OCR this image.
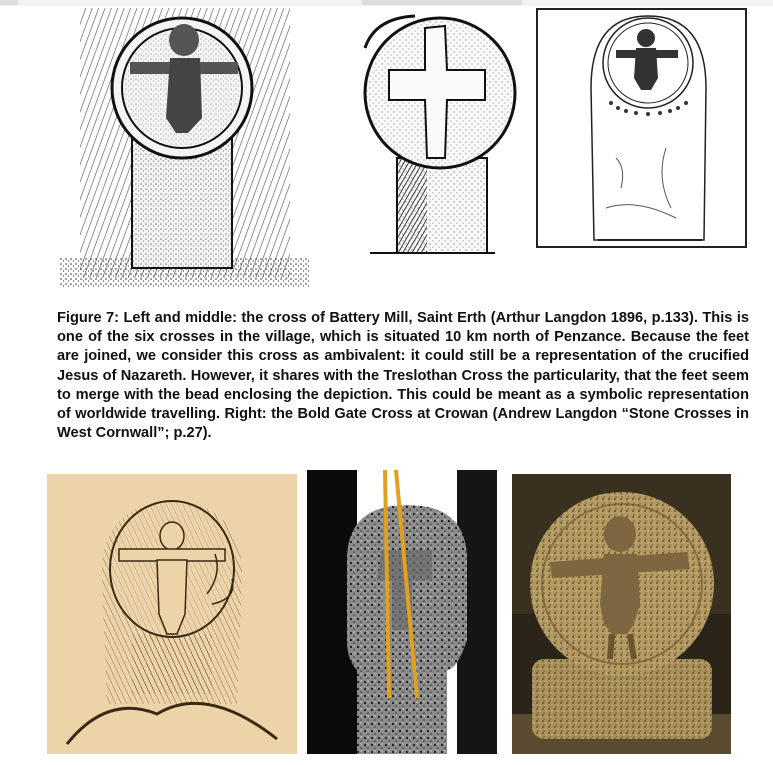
Figure 7: Left and middle: the cross of Battery Mill, Saint Erth (Arthur Langdon 1896, p.133). This is one of the six crosses in the village, which is situated 10 km north of Penzance. Because the feet are joined, we consider this cross as ambivalent: it could still be a representation of the crucified Jesus of Nazareth. However, it shares with the Treslothan Cross the particularity, that the feet seem to merge with the bead enclosing the depiction. This could be meant as a symbolic representation of worldwide travelling. Right: the Bold Gate Cross at Crowan (Andrew Langdon “Stone Crosses in West Cornwall”; p.27).
